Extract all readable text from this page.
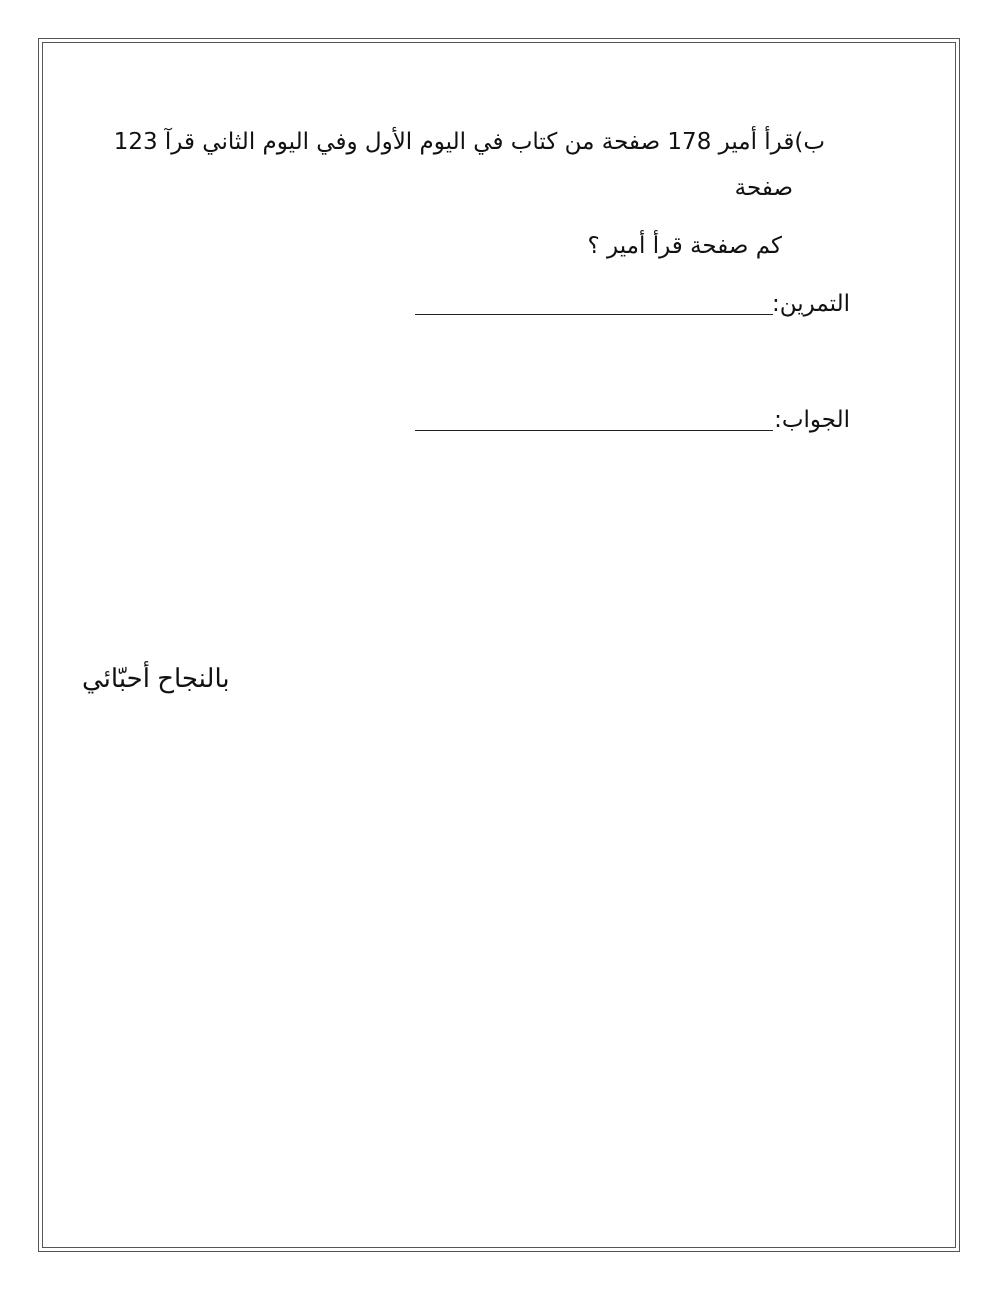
ب)قرأ أمير 178 صفحة من كتاب في اليوم الأول وفي اليوم الثاني قرآ 123
صفحة
كم صفحة قرأ أمير ؟
التمرين:
الجواب:
بالنجاح أحبّائي
